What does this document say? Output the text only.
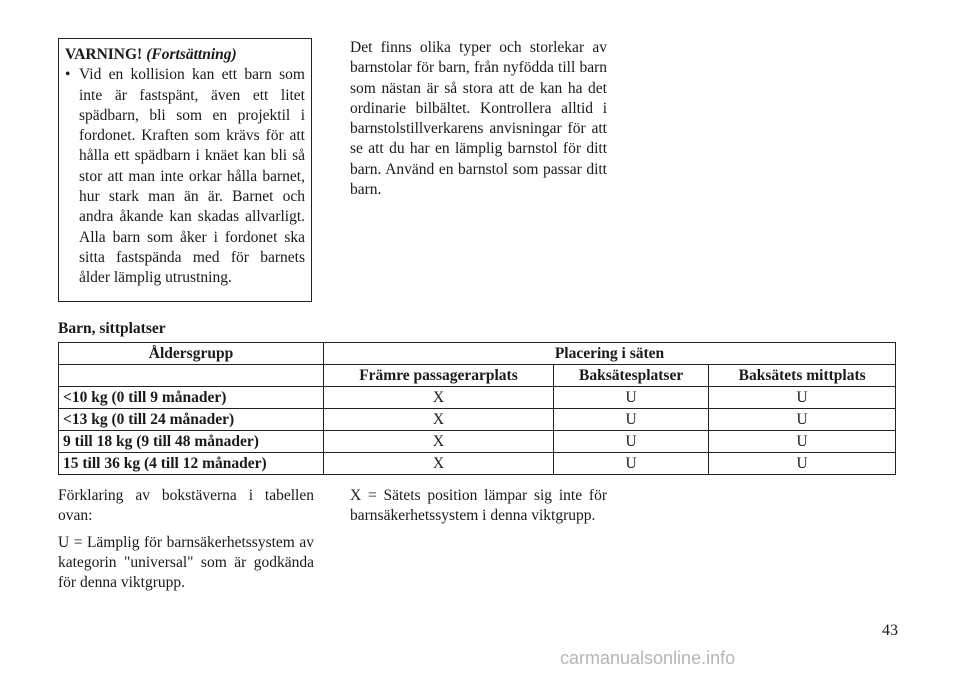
VARNING! (Fortsättning)
• Vid en kollision kan ett barn som inte är fastspänt, även ett litet spädbarn, bli som en projektil i fordonet. Kraften som krävs för att hålla ett spädbarn i knäet kan bli så stor att man inte orkar hålla barnet, hur stark man än är. Barnet och andra åkande kan skadas allvarligt. Alla barn som åker i fordonet ska sitta fastspända med för barnets ålder lämplig utrustning.
Det finns olika typer och storlekar av barnstolar för barn, från nyfödda till barn som nästan är så stora att de kan ha det ordinarie bilbältet. Kontrollera alltid i barnstolstillverkarens anvisningar för att se att du har en lämplig barnstol för ditt barn. Använd en barnstol som passar ditt barn.
Barn, sittplatser
Åldersgrupp	Placering i säten		
	Främre passagerarplats	Baksätesplatser	Baksätets mittplats
<10 kg (0 till 9 månader)	X	U	U
<13 kg (0 till 24 månader)	X	U	U
9 till 18 kg (9 till 48 månader)	X	U	U
15 till 36 kg (4 till 12 månader)	X	U	U

Förklaring av bokstäverna i tabellen ovan:

U = Lämplig för barnsäkerhetssystem av kategorin "universal" som är godkända för denna viktgrupp.

X = Sätets position lämpar sig inte för barnsäkerhetssystem i denna viktgrupp.
43
carmanualsonline.info
